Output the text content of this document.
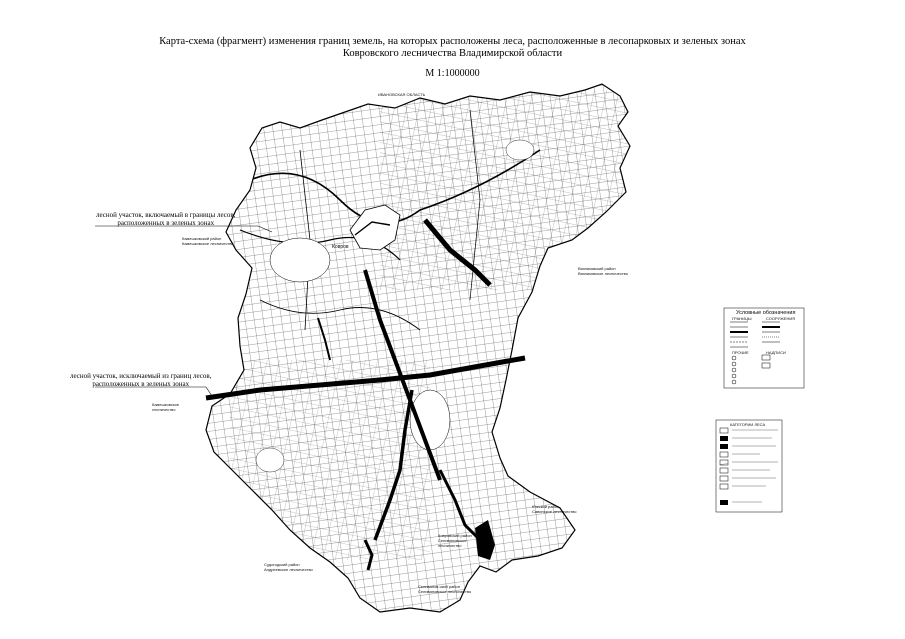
Карта-схема (фрагмент) изменения границ земель, на которых расположены леса, расположенные в лесопарковых и зеленых зонах
Ковровского лесничества Владимирской области
М 1:1000000
ИВАНОВСКАЯ ОБЛАСТЬ
Ковров
лесной участок, включаемый в границы лесов,
расположенных в зеленых зонах
лесной участок, исключаемый из границ лесов,
расположенных в зеленых зонах
Камешковский район
Камешковское лесничество
Вязниковский район
Вязниковское лесничество
Камешковское
лесничество
Южский район
Савинское лесничество
Ковровский район
Селивановское
лесничество
Судогодский район
Андреевское лесничество
Селиванов ский район
Селивановское лесничество
Условные обозначения
ГРАНИЦЫ	СООРУЖЕНИЯ
ПРОЧИЕ	НАДПИСИ
КАТЕГОРИИ ЛЕСА
